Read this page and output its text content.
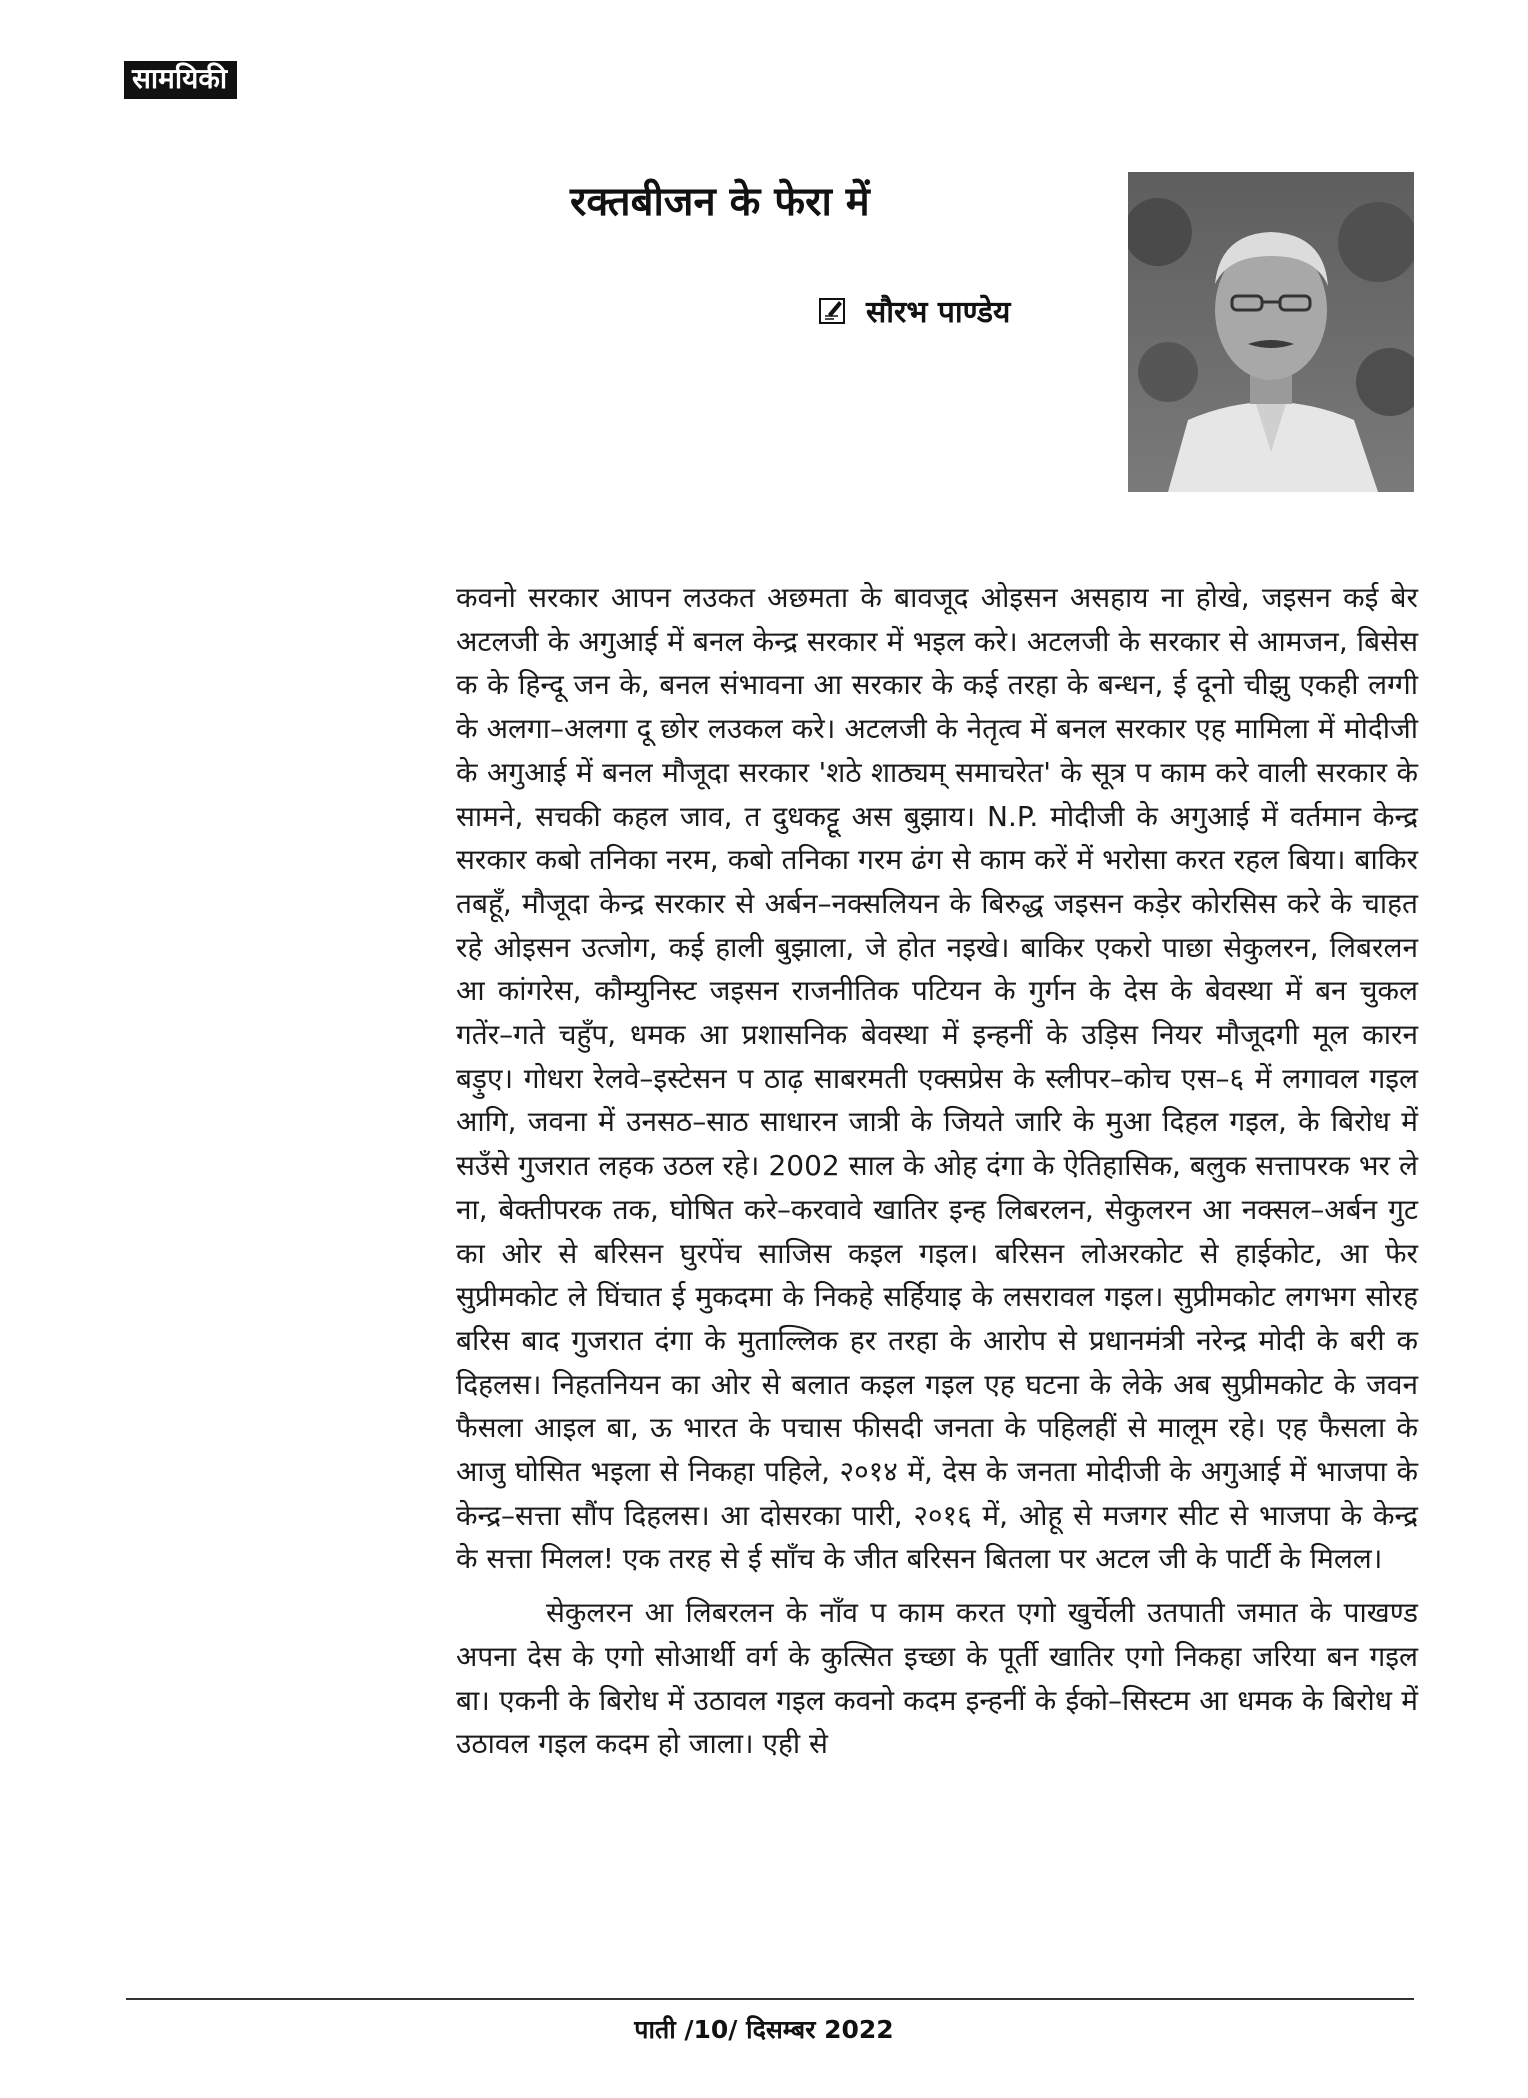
सामयिकी
रक्तबीजन के फेरा में
सौरभ पाण्डेय

कवनो सरकार आपन लउकत अछमता के बावजूद ओइसन असहाय ना होखे, जइसन कई बेर अटलजी के अगुआई में बनल केन्द्र सरकार में भइल करे। अटलजी के सरकार से आमजन, बिसेस क के हिन्दू जन के, बनल संभावना आ सरकार के कई तरहा के बन्धन, ई दूनो चीझु एकही लग्गी के अलगा–अलगा दू छोर लउकल करे। अटलजी के नेतृत्व में बनल सरकार एह मामिला में मोदीजी के अगुआई में बनल मौजूदा सरकार 'शठे शाठ्यम् समाचरेत' के सूत्र प काम करे वाली सरकार के सामने, सचकी कहल जाव, त दुधकट्टू अस बुझाय। N.P. मोदीजी के अगुआई में वर्तमान केन्द्र सरकार कबो तनिका नरम, कबो तनिका गरम ढंग से काम करें में भरोसा करत रहल बिया। बाकिर तबहूँ, मौजूदा केन्द्र सरकार से अर्बन–नक्सलियन के बिरुद्ध जइसन कड़ेर कोरसिस करे के चाहत रहे ओइसन उत्जोग, कई हाली बुझाला, जे होत नइखे। बाकिर एकरो पाछा सेकुलरन, लिबरलन आ कांगरेस, कौम्युनिस्ट जइसन राजनीतिक पटियन के गुर्गन के देस के बेवस्था में बन चुकल गतेंर–गते चहुँप, धमक आ प्रशासनिक बेवस्था में इन्हनीं के उड़िस नियर मौजूदगी मूल कारन बड़ुए। गोधरा रेलवे–इस्टेसन प ठाढ़ साबरमती एक्सप्रेस के स्लीपर–कोच एस–६ में लगावल गइल आगि, जवना में उनसठ–साठ साधारन जात्री के जियते जारि के मुआ दिहल गइल, के बिरोध में सउँसे गुजरात लहक उठल रहे। 2002 साल के ओह दंगा के ऐतिहासिक, बलुक सत्तापरक भर ले ना, बेक्तीपरक तक, घोषित करे–करवावे खातिर इन्ह लिबरलन, सेकुलरन आ नक्सल–अर्बन गुट का ओर से बरिसन घुरपेंच साजिस कइल गइल। बरिसन लोअरकोट से हाईकोट, आ फेर सुप्रीमकोट ले घिंचात ई मुकदमा के निकहे सर्हियाइ के लसरावल गइल। सुप्रीमकोट लगभग सोरह बरिस बाद गुजरात दंगा के मुताल्लिक हर तरहा के आरोप से प्रधानमंत्री नरेन्द्र मोदी के बरी क दिहलस। निहतनियन का ओर से बलात कइल गइल एह घटना के लेके अब सुप्रीमकोट के जवन फैसला आइल बा, ऊ भारत के पचास फीसदी जनता के पहिलहीं से मालूम रहे। एह फैसला के आजु घोसित भइला से निकहा पहिले, २०१४ में, देस के जनता मोदीजी के अगुआई में भाजपा के केन्द्र–सत्ता सौंप दिहलस। आ दोसरका पारी, २०१६ में, ओहू से मजगर सीट से भाजपा के केन्द्र के सत्ता मिलल! एक तरह से ई साँच के जीत बरिसन बितला पर अटल जी के पार्टी के मिलल।

सेकुलरन आ लिबरलन के नाँव प काम करत एगो खुर्चेली उतपाती जमात के पाखण्ड अपना देस के एगो सोआर्थी वर्ग के कुत्सित इच्छा के पूर्ती खातिर एगो निकहा जरिया बन गइल बा। एकनी के बिरोध में उठावल गइल कवनो कदम इन्हनीं के ईको–सिस्टम आ धमक के बिरोध में उठावल गइल कदम हो जाला। एही से

पाती /10/ दिसम्बर 2022
